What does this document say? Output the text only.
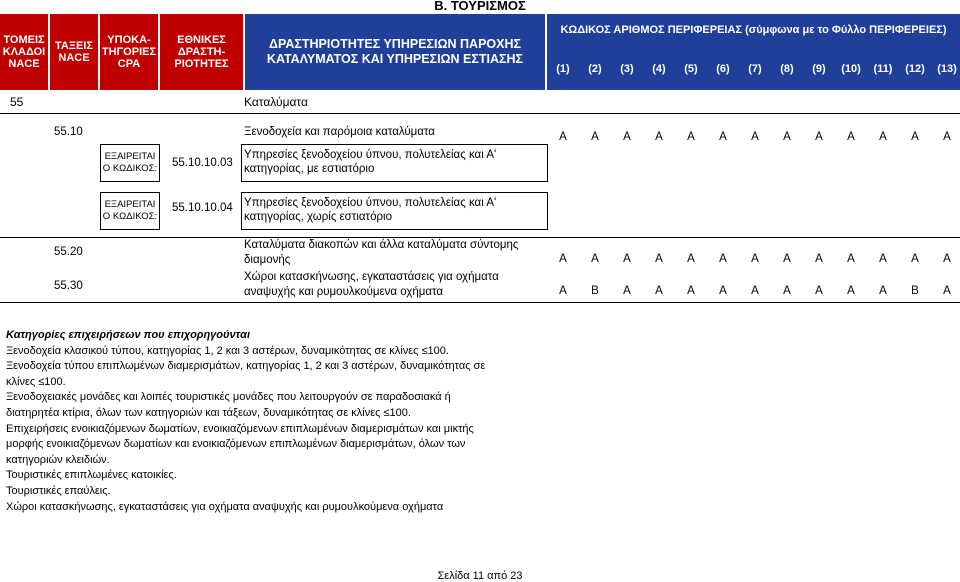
Β. ΤΟΥΡΙΣΜΟΣ
ΤΟΜΕΙΣ ΚΛΑΔΟΙ NACE
ΤΑΞΕΙΣ NACE
ΥΠΟΚΑ-ΤΗΓΟΡΙΕΣ CPA
ΕΘΝΙΚΕΣ ΔΡΑΣΤΗ-ΡΙΟΤΗΤΕΣ
ΔΡΑΣΤΗΡΙΟΤΗΤΕΣ ΥΠΗΡΕΣΙΩΝ ΠΑΡΟΧΗΣ ΚΑΤΑΛΥΜΑΤΟΣ ΚΑΙ ΥΠΗΡΕΣΙΩΝ ΕΣΤΙΑΣΗΣ
ΚΩΔΙΚΟΣ ΑΡΙΘΜΟΣ ΠΕΡΙΦΕΡΕΙΑΣ (σύμφωνα με το Φύλλο ΠΕΡΙΦΕΡΕΙΕΣ)
(1)	(2)	(3)	(4)	(5)	(6)	(7)	(8)	(9)	(10)	(11)	(12)	(13)
55	Καταλύματα
55.10	Ξενοδοχεία και παρόμοια καταλύματα	A	A	A	A	A	A	A	A	A	A	A	A	A
ΕΞΑΙΡΕΙΤΑΙ Ο ΚΩΔΙΚΟΣ: 55.10.10.03
Υπηρεσίες ξενοδοχείου ύπνου, πολυτελείας και Α'
κατηγορίας, με εστιατόριο
ΕΞΑΙΡΕΙΤΑΙ Ο ΚΩΔΙΚΟΣ:
55.10.10.04 Υπηρεσίες ξενοδοχείου ύπνου, πολυτελείας και Α'
κατηγορίας, χωρίς εστιατόριο
55.20
Καταλύματα διακοπών και άλλα καταλύματα σύντομης
διαμονής	A	A	A	A	A	A	A	A	A	A	A	A	A
55.30
Χώροι κατασκήνωσης, εγκαταστάσεις για οχήματα
αναψυχής και ρυμουλκούμενα οχήματα	A	B	A	A	A	A	A	A	A	A	A	B	A
Κατηγορίες επιχειρήσεων που επιχορηγούνται
Ξενοδοχεία κλασικού τύπου, κατηγορίας 1, 2 και 3 αστέρων, δυναμικότητας σε κλίνες ≤100.
Ξενοδοχεία τύπου επιπλωμένων διαμερισμάτων, κατηγορίας 1, 2 και 3 αστέρων, δυναμικότητας σε
κλίνες ≤100.
Ξενοδοχειακές μονάδες και λοιπές τουριστικές μονάδες που λειτουργούν σε παραδοσιακά ή
διατηρητέα κτίρια, όλων των κατηγοριών και τάξεων, δυναμικότητας σε κλίνες ≤100.
Επιχειρήσεις ενοικιαζόμενων δωματίων, ενοικιαζόμενων επιπλωμένων διαμερισμάτων και μικτής
μορφής ενοικιαζόμενων δωματίων και ενοικιαζόμενων επιπλωμένων διαμερισμάτων, όλων των
κατηγοριών κλειδιών.
Τουριστικές επιπλωμένες κατοικίες.
Τουριστικές επαύλεις.
Χώροι κατασκήνωσης, εγκαταστάσεις για οχήματα αναψυχής και ρυμουλκούμενα οχήματα
Σελίδα 11 από 23
